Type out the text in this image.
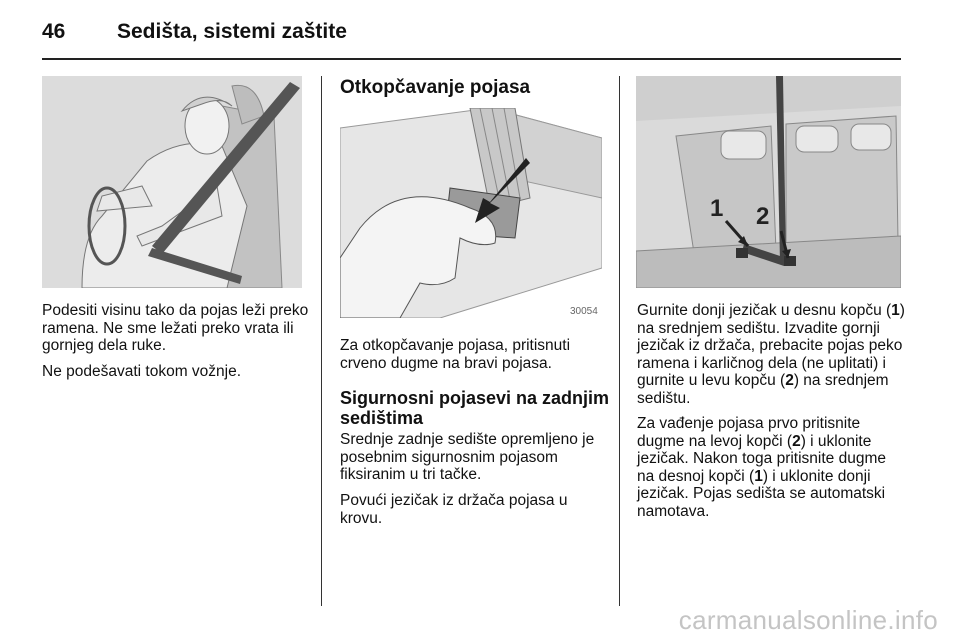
46 Sedišta, sistemi zaštite

Podesiti visinu tako da pojas leži preko ramena. Ne sme ležati preko vrata ili gornjeg dela ruke.

Ne podešavati tokom vožnje.

Otkopčavanje pojasa
30054

Za otkopčavanje pojasa, pritisnuti crveno dugme na bravi pojasa.

Sigurnosni pojasevi na zadnjim sedištima

Srednje zadnje sedište opremljeno je posebnim sigurnosnim pojasom fiksiranim u tri tačke.

Povući jezičak iz držača pojasa u krovu.

1 2

Gurnite donji jezičak u desnu kopču (1) na srednjem sedištu. Izvadite gornji jezičak iz držača, prebacite pojas peko ramena i karličnog dela (ne uplitati) i gurnite u levu kopču (2) na srednjem sedištu.

Za vađenje pojasa prvo pritisnite dugme na levoj kopči (2) i uklonite jezičak. Nakon toga pritisnite dugme na desnoj kopči (1) i uklonite donji jezičak. Pojas sedišta se automatski namotava.

carmanualsonline.info
